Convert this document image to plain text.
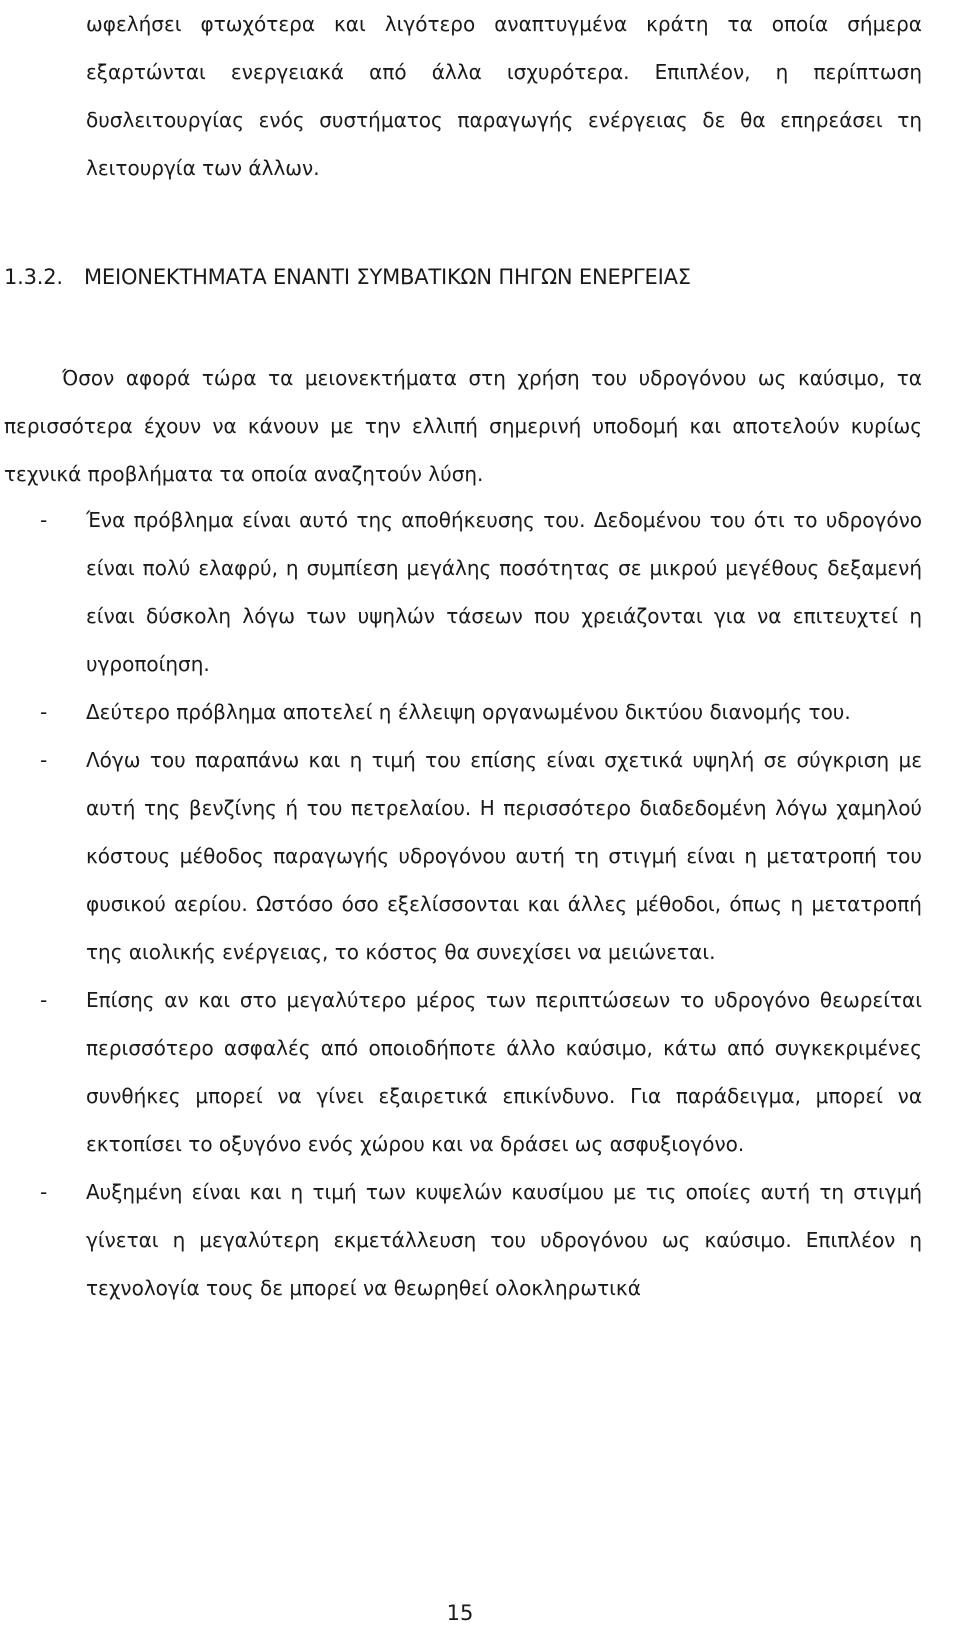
ωφελήσει φτωχότερα και λιγότερο αναπτυγμένα κράτη τα οποία σήμερα εξαρτώνται ενεργειακά από άλλα ισχυρότερα. Επιπλέον, η περίπτωση δυσλειτουργίας ενός συστήματος παραγωγής ενέργειας δε θα επηρεάσει τη λειτουργία των άλλων.

1.3.2. ΜΕΙΟΝΕΚΤΗΜΑΤΑ ΕΝΑΝΤΙ ΣΥΜΒΑΤΙΚΩΝ ΠΗΓΩΝ ΕΝΕΡΓΕΙΑΣ

Όσον αφορά τώρα τα μειονεκτήματα στη χρήση του υδρογόνου ως καύσιμο, τα περισσότερα έχουν να κάνουν με την ελλιπή σημερινή υποδομή και αποτελούν κυρίως τεχνικά προβλήματα τα οποία αναζητούν λύση.

- Ένα πρόβλημα είναι αυτό της αποθήκευσης του. Δεδομένου του ότι το υδρογόνο είναι πολύ ελαφρύ, η συμπίεση μεγάλης ποσότητας σε μικρού μεγέθους δεξαμενή είναι δύσκολη λόγω των υψηλών τάσεων που χρειάζονται για να επιτευχτεί η υγροποίηση.
- Δεύτερο πρόβλημα αποτελεί η έλλειψη οργανωμένου δικτύου διανομής του.
- Λόγω του παραπάνω και η τιμή του επίσης είναι σχετικά υψηλή σε σύγκριση με αυτή της βενζίνης ή του πετρελαίου. Η περισσότερο διαδεδομένη λόγω χαμηλού κόστους μέθοδος παραγωγής υδρογόνου αυτή τη στιγμή είναι η μετατροπή του φυσικού αερίου. Ωστόσο όσο εξελίσσονται και άλλες μέθοδοι, όπως η μετατροπή της αιολικής ενέργειας, το κόστος θα συνεχίσει να μειώνεται.
- Επίσης αν και στο μεγαλύτερο μέρος των περιπτώσεων το υδρογόνο θεωρείται περισσότερο ασφαλές από οποιοδήποτε άλλο καύσιμο, κάτω από συγκεκριμένες συνθήκες μπορεί να γίνει εξαιρετικά επικίνδυνο. Για παράδειγμα, μπορεί να εκτοπίσει το οξυγόνο ενός χώρου και να δράσει ως ασφυξιογόνο.
- Αυξημένη είναι και η τιμή των κυψελών καυσίμου με τις οποίες αυτή τη στιγμή γίνεται η μεγαλύτερη εκμετάλλευση του υδρογόνου ως καύσιμο. Επιπλέον η τεχνολογία τους δε μπορεί να θεωρηθεί ολοκληρωτικά
15
